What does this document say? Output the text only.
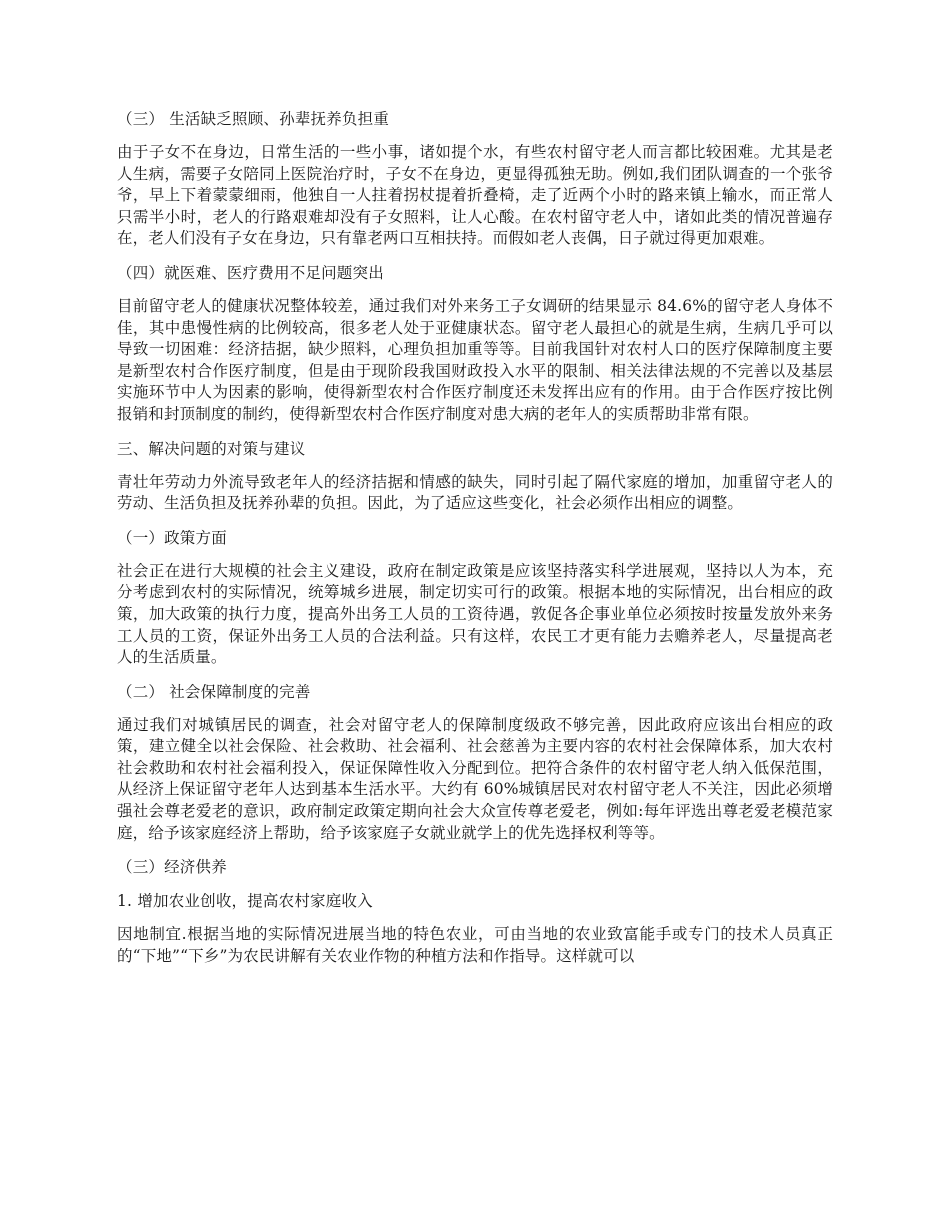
（三） 生活缺乏照顾、孙辈抚养负担重
由于子女不在身边，日常生活的一些小事，诸如提个水，有些农村留守老人而言都比较困难。尤其是老人生病，需要子女陪同上医院治疗时，子女不在身边，更显得孤独无助。例如,我们团队调查的一个张爷爷，早上下着蒙蒙细雨，他独自一人拄着拐杖提着折叠椅，走了近两个小时的路来镇上输水，而正常人只需半小时，老人的行路艰难却没有子女照料，让人心酸。在农村留守老人中，诸如此类的情况普遍存在，老人们没有子女在身边，只有靠老两口互相扶持。而假如老人丧偶，日子就过得更加艰难。
（四）就医难、医疗费用不足问题突出
目前留守老人的健康状况整体较差，通过我们对外来务工子女调研的结果显示 84.6%的留守老人身体不佳，其中患慢性病的比例较高，很多老人处于亚健康状态。留守老人最担心的就是生病，生病几乎可以导致一切困难：经济拮据，缺少照料，心理负担加重等等。目前我国针对农村人口的医疗保障制度主要是新型农村合作医疗制度，但是由于现阶段我国财政投入水平的限制、相关法律法规的不完善以及基层实施环节中人为因素的影响，使得新型农村合作医疗制度还未发挥出应有的作用。由于合作医疗按比例报销和封顶制度的制约，使得新型农村合作医疗制度对患大病的老年人的实质帮助非常有限。
三、解决问题的对策与建议
青壮年劳动力外流导致老年人的经济拮据和情感的缺失，同时引起了隔代家庭的增加，加重留守老人的劳动、生活负担及抚养孙辈的负担。因此，为了适应这些变化，社会必须作出相应的调整。
（一）政策方面
社会正在进行大规模的社会主义建设，政府在制定政策是应该坚持落实科学进展观，坚持以人为本，充分考虑到农村的实际情况，统筹城乡进展，制定切实可行的政策。根据本地的实际情况，出台相应的政策，加大政策的执行力度，提高外出务工人员的工资待遇，敦促各企事业单位必须按时按量发放外来务工人员的工资，保证外出务工人员的合法利益。只有这样，农民工才更有能力去赡养老人，尽量提高老人的生活质量。
（二） 社会保障制度的完善
通过我们对城镇居民的调查，社会对留守老人的保障制度级政不够完善，因此政府应该出台相应的政策，建立健全以社会保险、社会救助、社会福利、社会慈善为主要内容的农村社会保障体系，加大农村社会救助和农村社会福利投入，保证保障性收入分配到位。把符合条件的农村留守老人纳入低保范围，从经济上保证留守老年人达到基本生活水平。大约有 60%城镇居民对农村留守老人不关注，因此必须增强社会尊老爱老的意识，政府制定政策定期向社会大众宣传尊老爱老，例如:每年评选出尊老爱老模范家庭，给予该家庭经济上帮助，给予该家庭子女就业就学上的优先选择权利等等。
（三）经济供养
1. 增加农业创收，提高农村家庭收入
因地制宜.根据当地的实际情况进展当地的特色农业，可由当地的农业致富能手或专门的技术人员真正的“下地”“下乡”为农民讲解有关农业作物的种植方法和作指导。这样就可以
